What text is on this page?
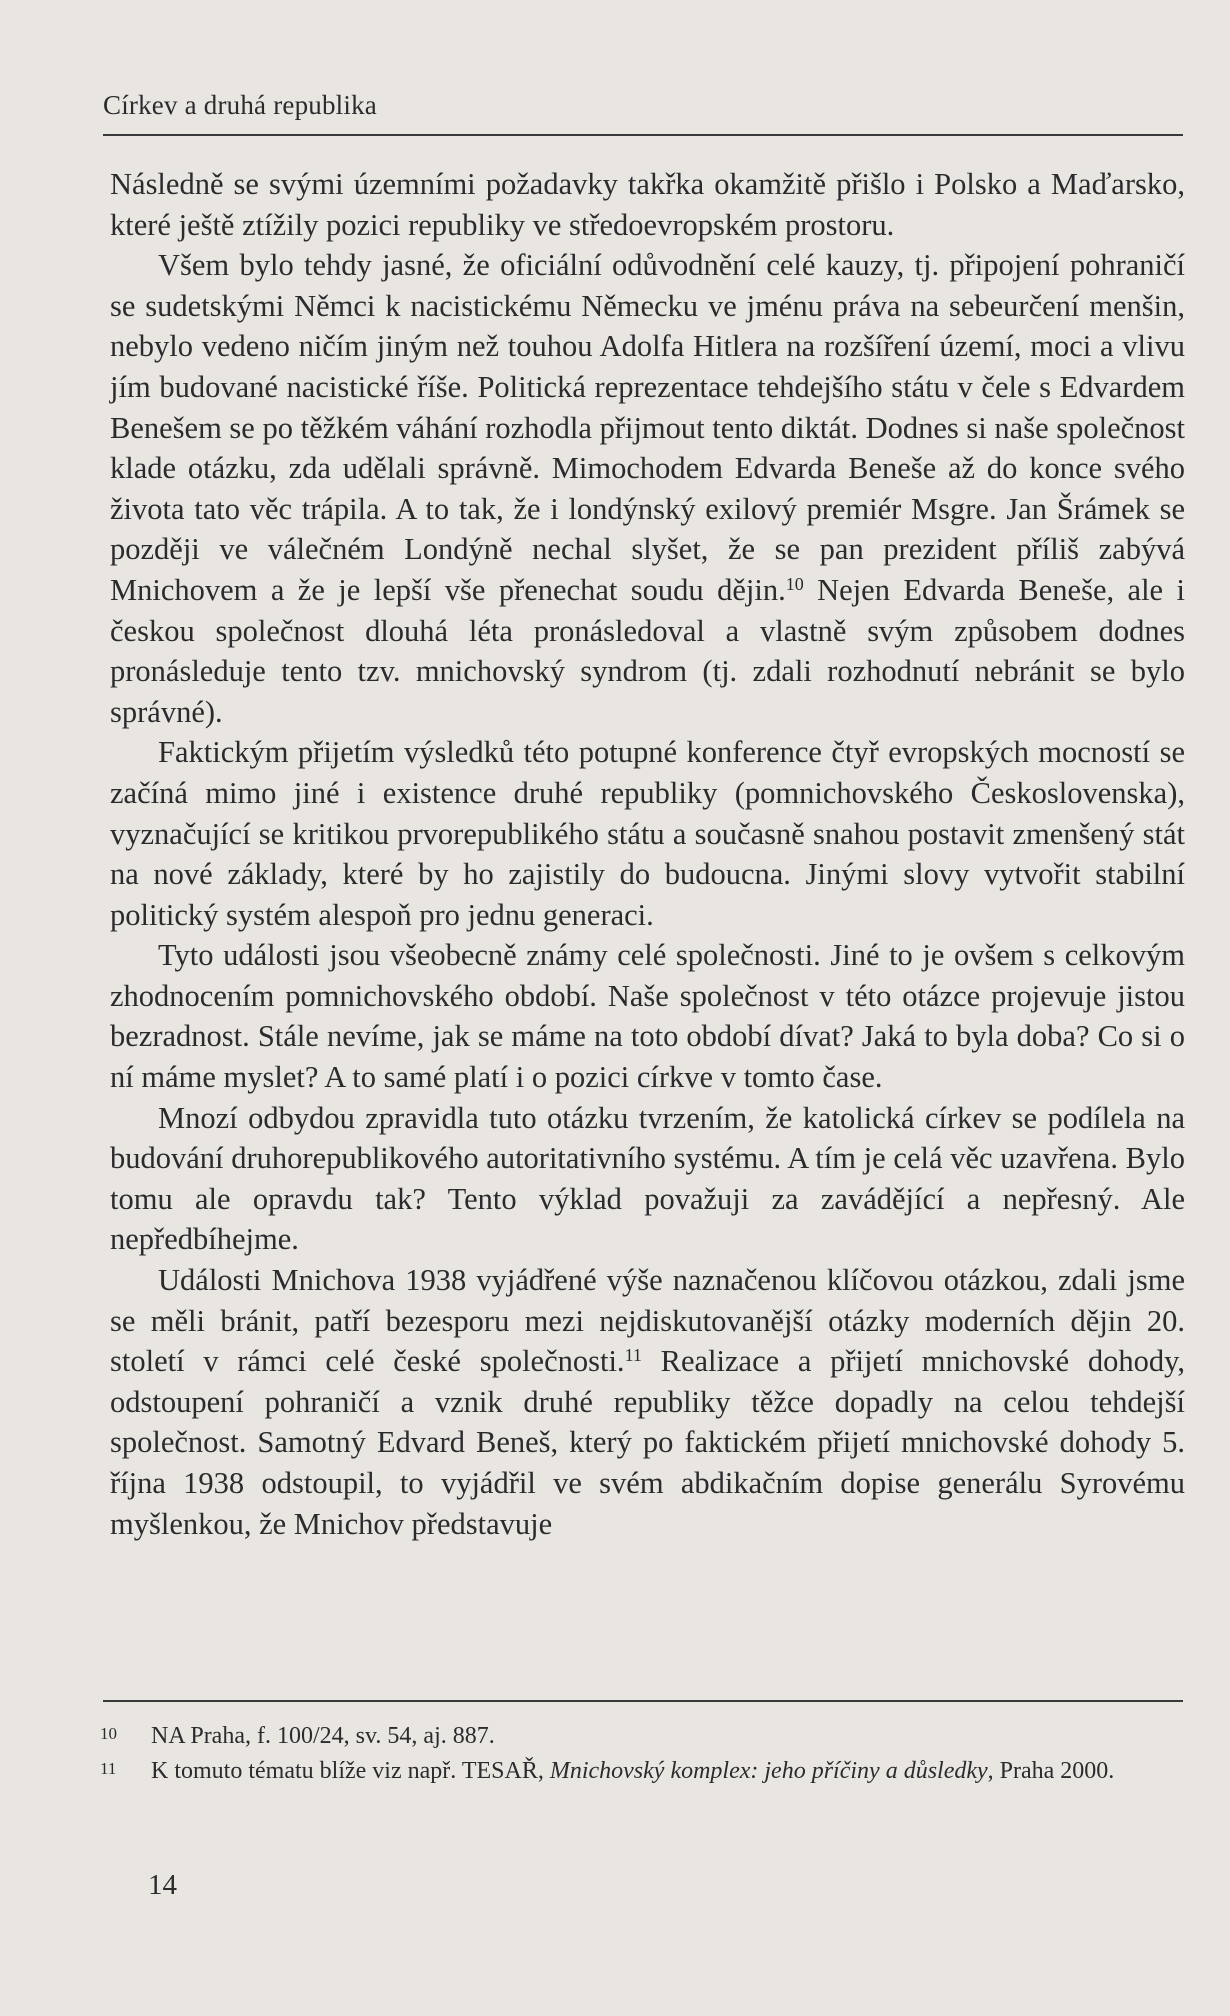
Církev a druhá republika

Následně se svými územními požadavky takřka okamžitě přišlo i Polsko a Maďarsko, které ještě ztížily pozici republiky ve středoevropském prostoru.

Všem bylo tehdy jasné, že oficiální odůvodnění celé kauzy, tj. připojení pohraničí se sudetskými Němci k nacistickému Německu ve jménu práva na sebeurčení menšin, nebylo vedeno ničím jiným než touhou Adolfa Hitlera na rozšíření území, moci a vlivu jím budované nacistické říše. Politická reprezentace tehdejšího státu v čele s Edvardem Benešem se po těžkém váhání rozhodla přijmout tento diktát. Dodnes si naše společnost klade otázku, zda udělali správně. Mimochodem Edvarda Beneše až do konce svého života tato věc trápila. A to tak, že i londýnský exilový premiér Msgre. Jan Šrámek se později ve válečném Londýně nechal slyšet, že se pan prezident příliš zabývá Mnichovem a že je lepší vše přenechat soudu dějin.$^{10}$ Nejen Edvarda Beneše, ale i českou společnost dlouhá léta pronásledoval a vlastně svým způsobem dodnes pronásleduje tento tzv. mnichovský syndrom (tj. zdali rozhodnutí nebránit se bylo správné).

Faktickým přijetím výsledků této potupné konference čtyř evropských mocností se začíná mimo jiné i existence druhé republiky (pomnichovského Československa), vyznačující se kritikou prvorepublikého státu a současně snahou postavit zmenšený stát na nové základy, které by ho zajistily do budoucna. Jinými slovy vytvořit stabilní politický systém alespoň pro jednu generaci.

Tyto události jsou všeobecně známy celé společnosti. Jiné to je ovšem s celkovým zhodnocením pomnichovského období. Naše společnost v této otázce projevuje jistou bezradnost. Stále nevíme, jak se máme na toto období dívat? Jaká to byla doba? Co si o ní máme myslet? A to samé platí i o pozici církve v tomto čase.

Mnozí odbydou zpravidla tuto otázku tvrzením, že katolická církev se podílela na budování druhorepublikového autoritativního systému. A tím je celá věc uzavřena. Bylo tomu ale opravdu tak? Tento výklad považuji za zavádějící a nepřesný. Ale nepředbíhejme.

Události Mnichova 1938 vyjádřené výše naznačenou klíčovou otázkou, zdali jsme se měli bránit, patří bezesporu mezi nejdiskutovanější otázky moderních dějin 20. století v rámci celé české společnosti.$^{11}$ Realizace a přijetí mnichovské dohody, odstoupení pohraničí a vznik druhé republiky těžce dopadly na celou tehdejší společnost. Samotný Edvard Beneš, který po faktickém přijetí mnichovské dohody 5. října 1938 odstoupil, to vyjádřil ve svém abdikačním dopise generálu Syrovému myšlenkou, že Mnichov představuje

10 NA Praha, f. 100/24, sv. 54, aj. 887.
11 K tomuto tématu blíže viz např. TESAŘ, Mnichovský komplex: jeho příčiny a důsledky, Praha 2000.
14
